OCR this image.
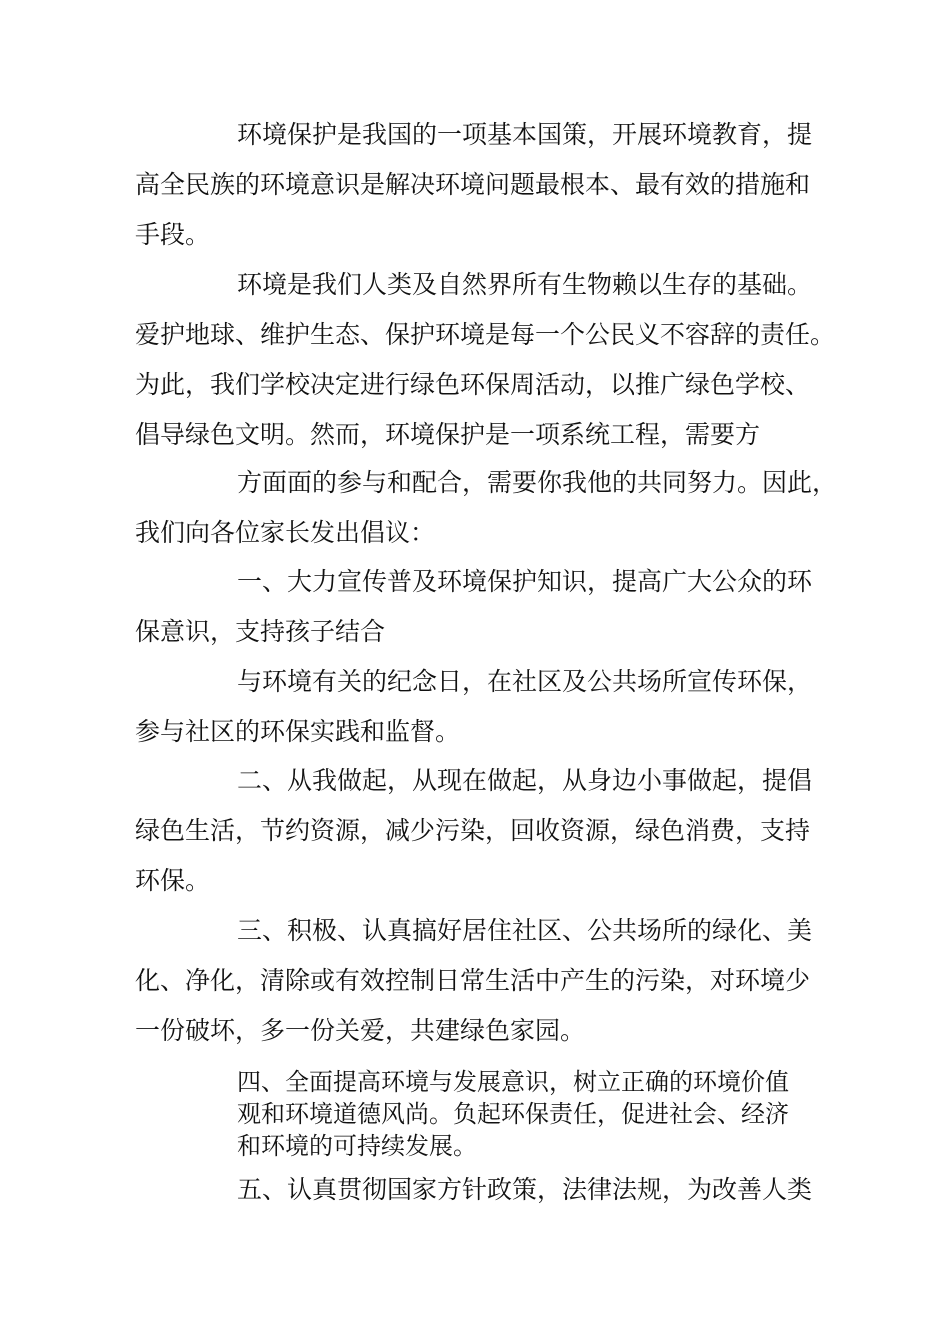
环境保护是我国的一项基本国策，开展环境教育，提
高全民族的环境意识是解决环境问题最根本、最有效的措施和
手段。
环境是我们人类及自然界所有生物赖以生存的基础。
爱护地球、维护生态、保护环境是每一个公民义不容辞的责任。
为此，我们学校决定进行绿色环保周活动，以推广绿色学校、
倡导绿色文明。然而，环境保护是一项系统工程，需要方
方面面的参与和配合，需要你我他的共同努力。因此，
我们向各位家长发出倡议：
一、大力宣传普及环境保护知识，提高广大公众的环
保意识，支持孩子结合
与环境有关的纪念日，在社区及公共场所宣传环保，
参与社区的环保实践和监督。
二、从我做起，从现在做起，从身边小事做起，提倡
绿色生活，节约资源，减少污染，回收资源，绿色消费，支持
环保。
三、积极、认真搞好居住社区、公共场所的绿化、美
化、净化，清除或有效控制日常生活中产生的污染，对环境少
一份破坏，多一份关爱，共建绿色家园。
四、全面提高环境与发展意识，树立正确的环境价值
观和环境道德风尚。负起环保责任，促进社会、经济
和环境的可持续发展。
五、认真贯彻国家方针政策，法律法规，为改善人类
